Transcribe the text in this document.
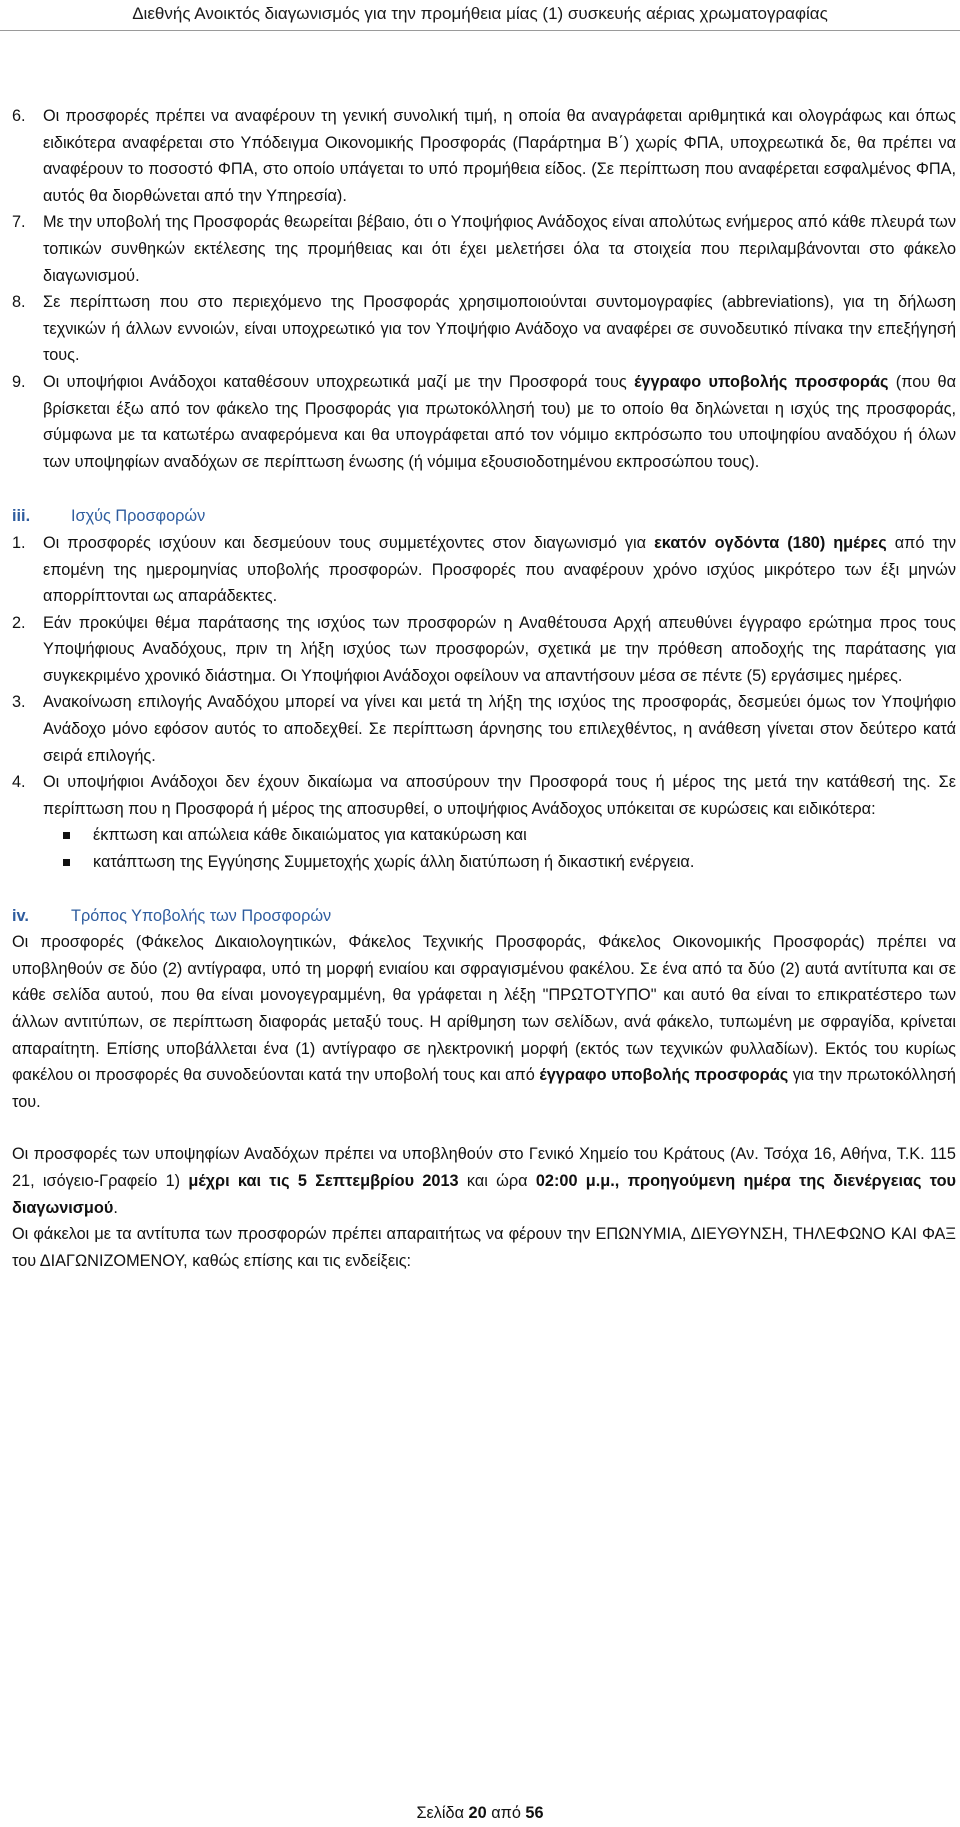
Διεθνής Ανοικτός διαγωνισμός για την προμήθεια μίας (1) συσκευής αέριας χρωματογραφίας
6. Οι προσφορές πρέπει να αναφέρουν τη γενική συνολική τιμή, η οποία θα αναγράφεται αριθμητικά και ολογράφως και όπως ειδικότερα αναφέρεται στο Υπόδειγμα Οικονομικής Προσφοράς (Παράρτημα Β΄) χωρίς ΦΠΑ, υποχρεωτικά δε, θα πρέπει να αναφέρουν το ποσοστό ΦΠΑ, στο οποίο υπάγεται το υπό προμήθεια είδος. (Σε περίπτωση που αναφέρεται εσφαλμένος ΦΠΑ, αυτός θα διορθώνεται από την Υπηρεσία).
7. Με την υποβολή της Προσφοράς θεωρείται βέβαιο, ότι ο Υποψήφιος Ανάδοχος είναι απολύτως ενήμερος από κάθε πλευρά των τοπικών συνθηκών εκτέλεσης της προμήθειας και ότι έχει μελετήσει όλα τα στοιχεία που περιλαμβάνονται στο φάκελο διαγωνισμού.
8. Σε περίπτωση που στο περιεχόμενο της Προσφοράς χρησιμοποιούνται συντομογραφίες (abbreviations), για τη δήλωση τεχνικών ή άλλων εννοιών, είναι υποχρεωτικό για τον Υποψήφιο Ανάδοχο να αναφέρει σε συνοδευτικό πίνακα την επεξήγησή τους.
9. Οι υποψήφιοι Ανάδοχοι καταθέσουν υποχρεωτικά μαζί με την Προσφορά τους έγγραφο υποβολής προσφοράς (που θα βρίσκεται έξω από τον φάκελο της Προσφοράς για πρωτοκόλλησή του) με το οποίο θα δηλώνεται η ισχύς της προσφοράς, σύμφωνα με τα κατωτέρω αναφερόμενα και θα υπογράφεται από τον νόμιμο εκπρόσωπο του υποψηφίου αναδόχου ή όλων των υποψηφίων αναδόχων σε περίπτωση ένωσης (ή νόμιμα εξουσιοδοτημένου εκπροσώπου τους).
iii.	Ισχύς Προσφορών
1. Οι προσφορές ισχύουν και δεσμεύουν τους συμμετέχοντες στον διαγωνισμό για εκατόν ογδόντα (180) ημέρες από την επομένη της ημερομηνίας υποβολής προσφορών. Προσφορές που αναφέρουν χρόνο ισχύος μικρότερο των έξι μηνών απορρίπτονται ως απαράδεκτες.
2. Εάν προκύψει θέμα παράτασης της ισχύος των προσφορών η Αναθέτουσα Αρχή απευθύνει έγγραφο ερώτημα προς τους Υποψήφιους Αναδόχους, πριν τη λήξη ισχύος των προσφορών, σχετικά με την πρόθεση αποδοχής της παράτασης για συγκεκριμένο χρονικό διάστημα. Οι Υποψήφιοι Ανάδοχοι οφείλουν να απαντήσουν μέσα σε πέντε (5) εργάσιμες ημέρες.
3. Ανακοίνωση επιλογής Αναδόχου μπορεί να γίνει και μετά τη λήξη της ισχύος της προσφοράς, δεσμεύει όμως τον Υποψήφιο Ανάδοχο μόνο εφόσον αυτός το αποδεχθεί. Σε περίπτωση άρνησης του επιλεχθέντος, η ανάθεση γίνεται στον δεύτερο κατά σειρά επιλογής.
4. Οι υποψήφιοι Ανάδοχοι δεν έχουν δικαίωμα να αποσύρουν την Προσφορά τους ή μέρος της μετά την κατάθεσή της. Σε περίπτωση που η Προσφορά ή μέρος της αποσυρθεί, ο υποψήφιος Ανάδοχος υπόκειται σε κυρώσεις και ειδικότερα:
έκπτωση και απώλεια κάθε δικαιώματος για κατακύρωση και
κατάπτωση της Εγγύησης Συμμετοχής χωρίς άλλη διατύπωση ή δικαστική ενέργεια.
iv.	Τρόπος Υποβολής των Προσφορών

Οι προσφορές (Φάκελος Δικαιολογητικών, Φάκελος Τεχνικής Προσφοράς, Φάκελος Οικονομικής Προσφοράς) πρέπει να υποβληθούν σε δύο (2) αντίγραφα, υπό τη μορφή ενιαίου και σφραγισμένου φακέλου. Σε ένα από τα δύο (2) αυτά αντίτυπα και σε κάθε σελίδα αυτού, που θα είναι μονογεγραμμένη, θα γράφεται η λέξη "ΠΡΩΤΟΤΥΠΟ" και αυτό θα είναι το επικρατέστερο των άλλων αντιτύπων, σε περίπτωση διαφοράς μεταξύ τους. Η αρίθμηση των σελίδων, ανά φάκελο, τυπωμένη με σφραγίδα, κρίνεται απαραίτητη. Επίσης υποβάλλεται ένα (1) αντίγραφο σε ηλεκτρονική μορφή (εκτός των τεχνικών φυλλαδίων). Εκτός του κυρίως φακέλου οι προσφορές θα συνοδεύονται κατά την υποβολή τους και από έγγραφο υποβολής προσφοράς για την πρωτοκόλλησή του.

Οι προσφορές των υποψηφίων Αναδόχων πρέπει να υποβληθούν στο Γενικό Χημείο του Κράτους (Αν. Τσόχα 16, Αθήνα, Τ.Κ. 115 21, ισόγειο-Γραφείο 1) μέχρι και τις 5 Σεπτεμβρίου 2013 και ώρα 02:00 μ.μ., προηγούμενη ημέρα της διενέργειας του διαγωνισμού.

Οι φάκελοι με τα αντίτυπα των προσφορών πρέπει απαραιτήτως να φέρουν την ΕΠΩΝΥΜΙΑ, ΔΙΕΥΘΥΝΣΗ, ΤΗΛΕΦΩΝΟ ΚΑΙ ΦΑΞ του ΔΙΑΓΩΝΙΖΟΜΕΝΟΥ, καθώς επίσης και τις ενδείξεις:

Σελίδα 20 από 56
